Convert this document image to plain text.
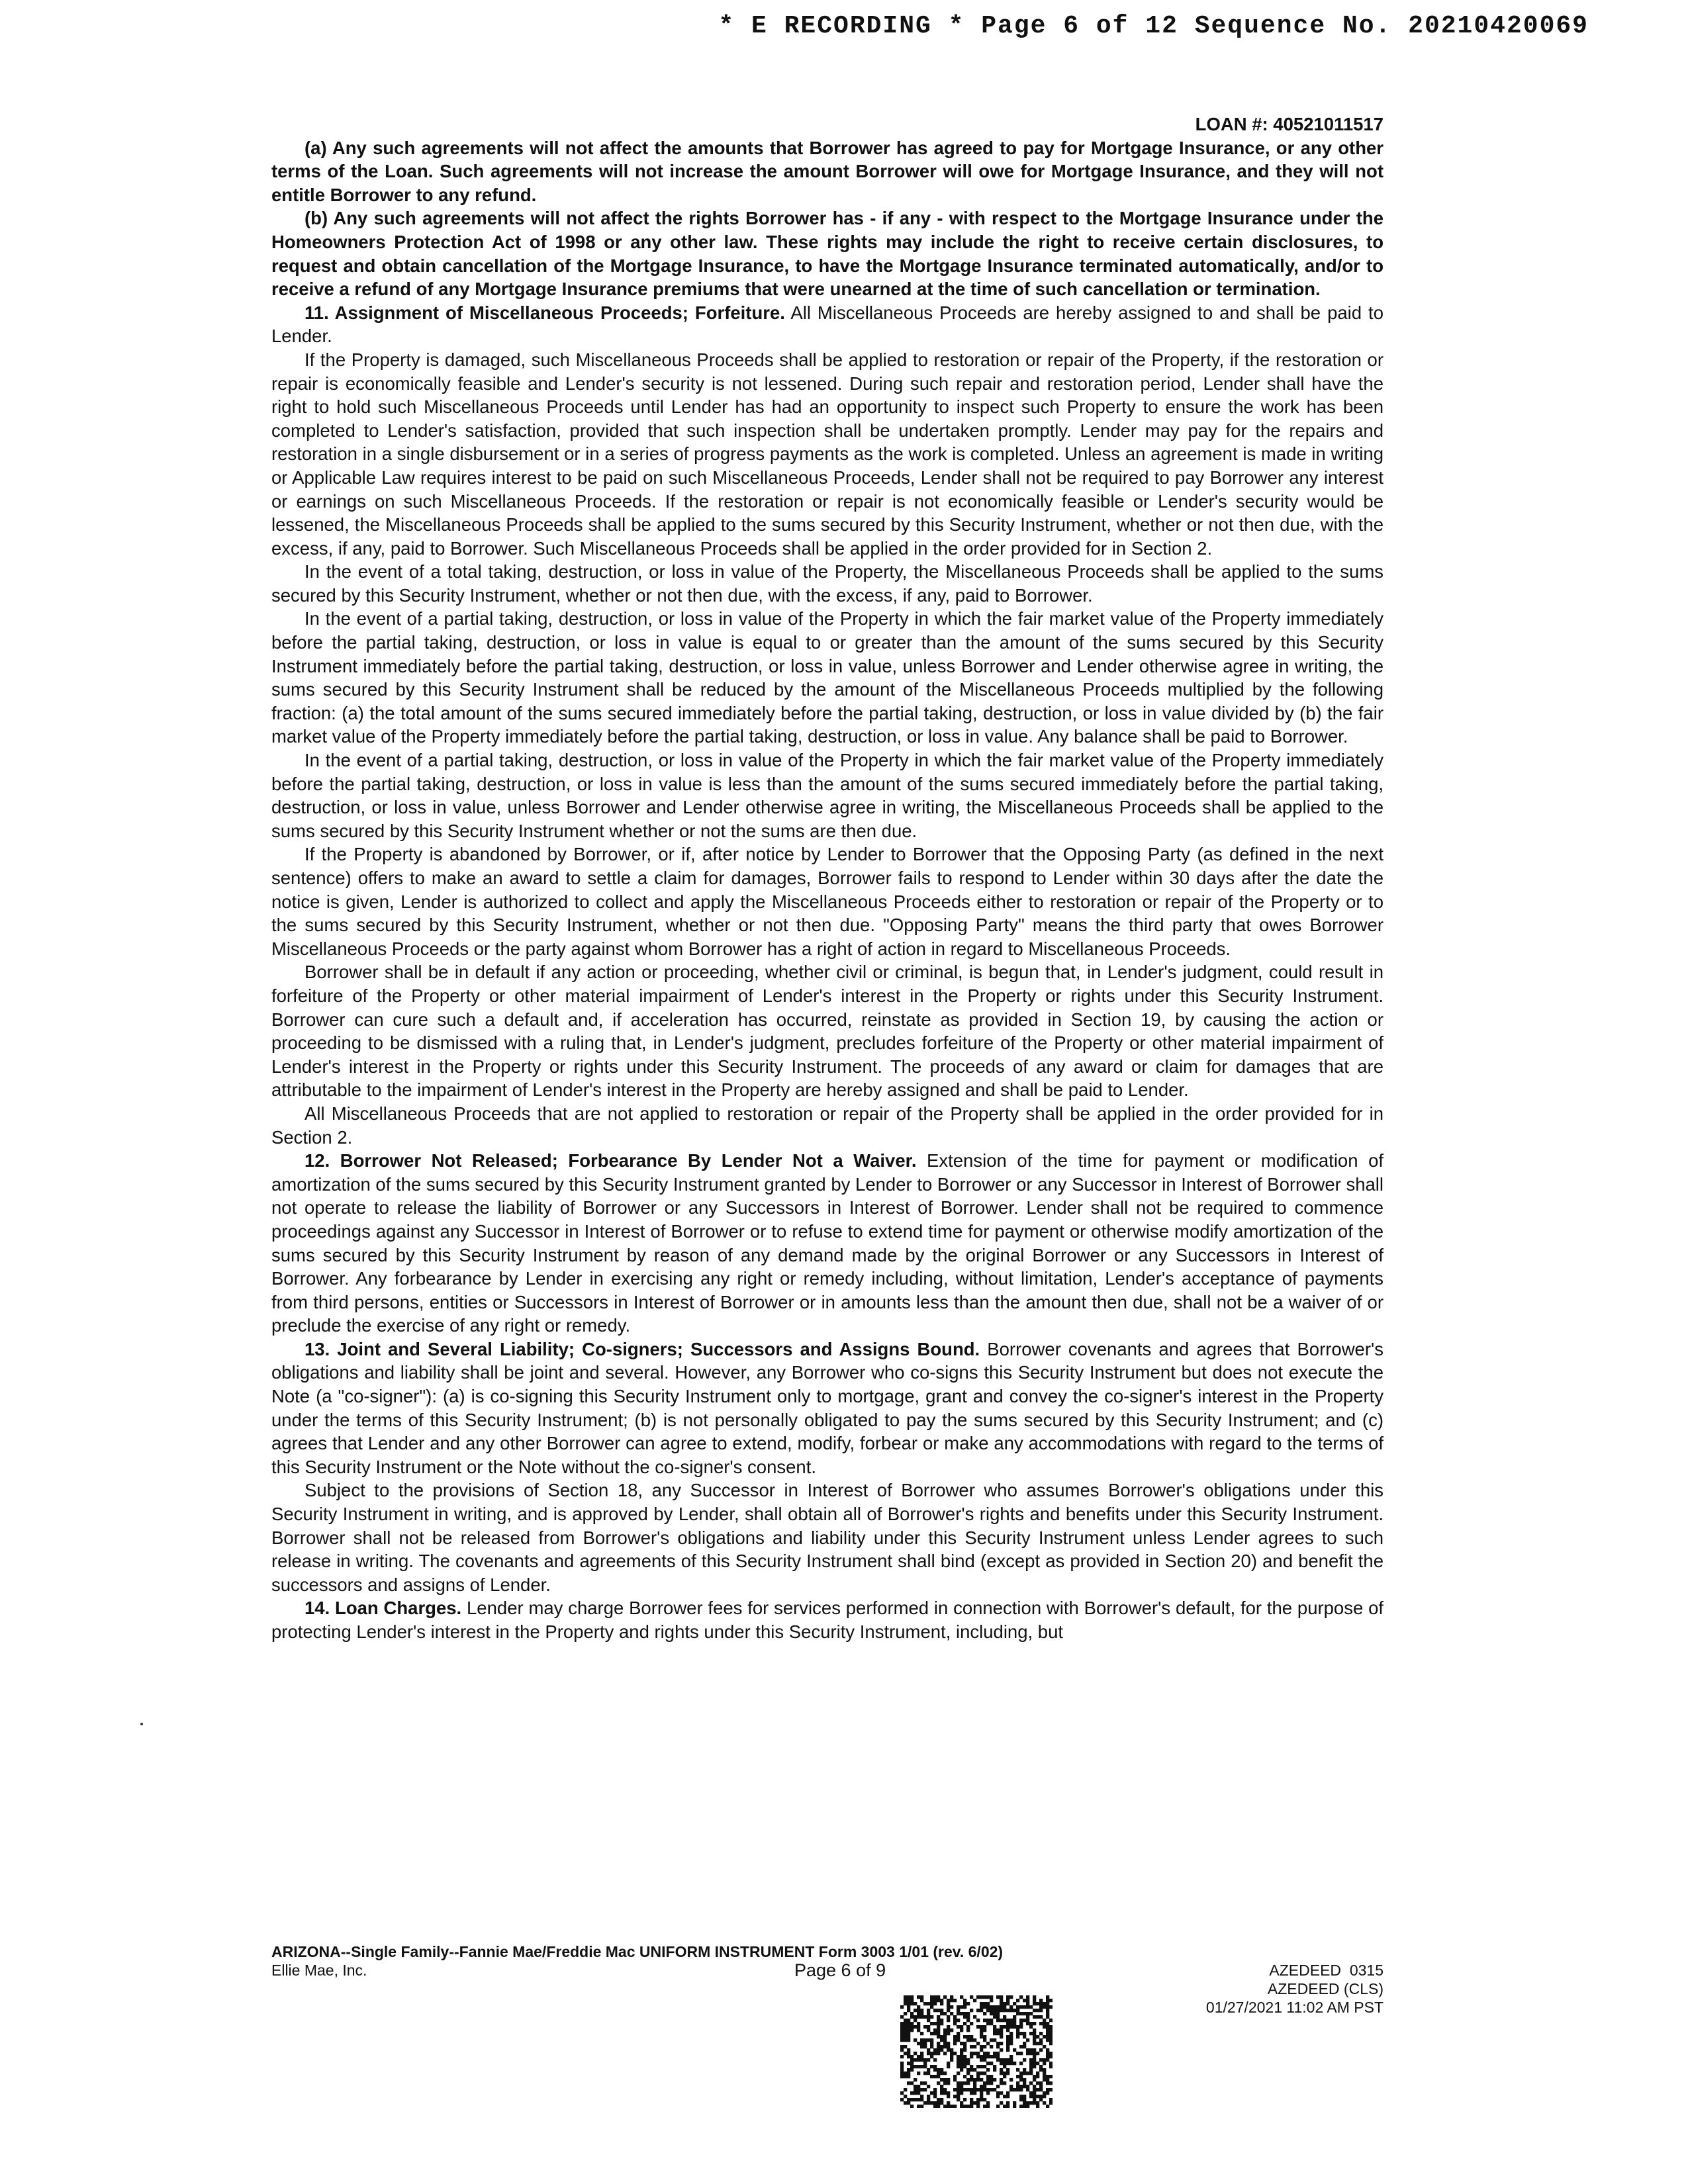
* E RECORDING * Page 6 of 12 Sequence No. 20210420069

LOAN #: 40521011517

(a) Any such agreements will not affect the amounts that Borrower has agreed to pay for Mortgage Insurance, or any other terms of the Loan. Such agreements will not increase the amount Borrower will owe for Mortgage Insurance, and they will not entitle Borrower to any refund.

(b) Any such agreements will not affect the rights Borrower has - if any - with respect to the Mortgage Insurance under the Homeowners Protection Act of 1998 or any other law. These rights may include the right to receive certain disclosures, to request and obtain cancellation of the Mortgage Insurance, to have the Mortgage Insurance terminated automatically, and/or to receive a refund of any Mortgage Insurance premiums that were unearned at the time of such cancellation or termination.

11. Assignment of Miscellaneous Proceeds; Forfeiture. All Miscellaneous Proceeds are hereby assigned to and shall be paid to Lender.

If the Property is damaged, such Miscellaneous Proceeds shall be applied to restoration or repair of the Property, if the restoration or repair is economically feasible and Lender's security is not lessened. During such repair and restoration period, Lender shall have the right to hold such Miscellaneous Proceeds until Lender has had an opportunity to inspect such Property to ensure the work has been completed to Lender's satisfaction, provided that such inspection shall be undertaken promptly. Lender may pay for the repairs and restoration in a single disbursement or in a series of progress payments as the work is completed. Unless an agreement is made in writing or Applicable Law requires interest to be paid on such Miscellaneous Proceeds, Lender shall not be required to pay Borrower any interest or earnings on such Miscellaneous Proceeds. If the restoration or repair is not economically feasible or Lender's security would be lessened, the Miscellaneous Proceeds shall be applied to the sums secured by this Security Instrument, whether or not then due, with the excess, if any, paid to Borrower. Such Miscellaneous Proceeds shall be applied in the order provided for in Section 2.

In the event of a total taking, destruction, or loss in value of the Property, the Miscellaneous Proceeds shall be applied to the sums secured by this Security Instrument, whether or not then due, with the excess, if any, paid to Borrower.

In the event of a partial taking, destruction, or loss in value of the Property in which the fair market value of the Property immediately before the partial taking, destruction, or loss in value is equal to or greater than the amount of the sums secured by this Security Instrument immediately before the partial taking, destruction, or loss in value, unless Borrower and Lender otherwise agree in writing, the sums secured by this Security Instrument shall be reduced by the amount of the Miscellaneous Proceeds multiplied by the following fraction: (a) the total amount of the sums secured immediately before the partial taking, destruction, or loss in value divided by (b) the fair market value of the Property immediately before the partial taking, destruction, or loss in value. Any balance shall be paid to Borrower.

In the event of a partial taking, destruction, or loss in value of the Property in which the fair market value of the Property immediately before the partial taking, destruction, or loss in value is less than the amount of the sums secured immediately before the partial taking, destruction, or loss in value, unless Borrower and Lender otherwise agree in writing, the Miscellaneous Proceeds shall be applied to the sums secured by this Security Instrument whether or not the sums are then due.

If the Property is abandoned by Borrower, or if, after notice by Lender to Borrower that the Opposing Party (as defined in the next sentence) offers to make an award to settle a claim for damages, Borrower fails to respond to Lender within 30 days after the date the notice is given, Lender is authorized to collect and apply the Miscellaneous Proceeds either to restoration or repair of the Property or to the sums secured by this Security Instrument, whether or not then due. "Opposing Party" means the third party that owes Borrower Miscellaneous Proceeds or the party against whom Borrower has a right of action in regard to Miscellaneous Proceeds.

Borrower shall be in default if any action or proceeding, whether civil or criminal, is begun that, in Lender's judgment, could result in forfeiture of the Property or other material impairment of Lender's interest in the Property or rights under this Security Instrument. Borrower can cure such a default and, if acceleration has occurred, reinstate as provided in Section 19, by causing the action or proceeding to be dismissed with a ruling that, in Lender's judgment, precludes forfeiture of the Property or other material impairment of Lender's interest in the Property or rights under this Security Instrument. The proceeds of any award or claim for damages that are attributable to the impairment of Lender's interest in the Property are hereby assigned and shall be paid to Lender.

All Miscellaneous Proceeds that are not applied to restoration or repair of the Property shall be applied in the order provided for in Section 2.

12. Borrower Not Released; Forbearance By Lender Not a Waiver. Extension of the time for payment or modification of amortization of the sums secured by this Security Instrument granted by Lender to Borrower or any Successor in Interest of Borrower shall not operate to release the liability of Borrower or any Successors in Interest of Borrower. Lender shall not be required to commence proceedings against any Successor in Interest of Borrower or to refuse to extend time for payment or otherwise modify amortization of the sums secured by this Security Instrument by reason of any demand made by the original Borrower or any Successors in Interest of Borrower. Any forbearance by Lender in exercising any right or remedy including, without limitation, Lender's acceptance of payments from third persons, entities or Successors in Interest of Borrower or in amounts less than the amount then due, shall not be a waiver of or preclude the exercise of any right or remedy.

13. Joint and Several Liability; Co-signers; Successors and Assigns Bound. Borrower covenants and agrees that Borrower's obligations and liability shall be joint and several. However, any Borrower who co-signs this Security Instrument but does not execute the Note (a "co-signer"): (a) is co-signing this Security Instrument only to mortgage, grant and convey the co-signer's interest in the Property under the terms of this Security Instrument; (b) is not personally obligated to pay the sums secured by this Security Instrument; and (c) agrees that Lender and any other Borrower can agree to extend, modify, forbear or make any accommodations with regard to the terms of this Security Instrument or the Note without the co-signer's consent.

Subject to the provisions of Section 18, any Successor in Interest of Borrower who assumes Borrower's obligations under this Security Instrument in writing, and is approved by Lender, shall obtain all of Borrower's rights and benefits under this Security Instrument. Borrower shall not be released from Borrower's obligations and liability under this Security Instrument unless Lender agrees to such release in writing. The covenants and agreements of this Security Instrument shall bind (except as provided in Section 20) and benefit the successors and assigns of Lender.

14. Loan Charges. Lender may charge Borrower fees for services performed in connection with Borrower's default, for the purpose of protecting Lender's interest in the Property and rights under this Security Instrument, including, but

ARIZONA--Single Family--Fannie Mae/Freddie Mac UNIFORM INSTRUMENT Form 3003 1/01 (rev. 6/02)
Ellie Mae, Inc.	Page 6 of 9	AZEDEED  0315
AZEDEED (CLS)
01/27/2021 11:02 AM PST
